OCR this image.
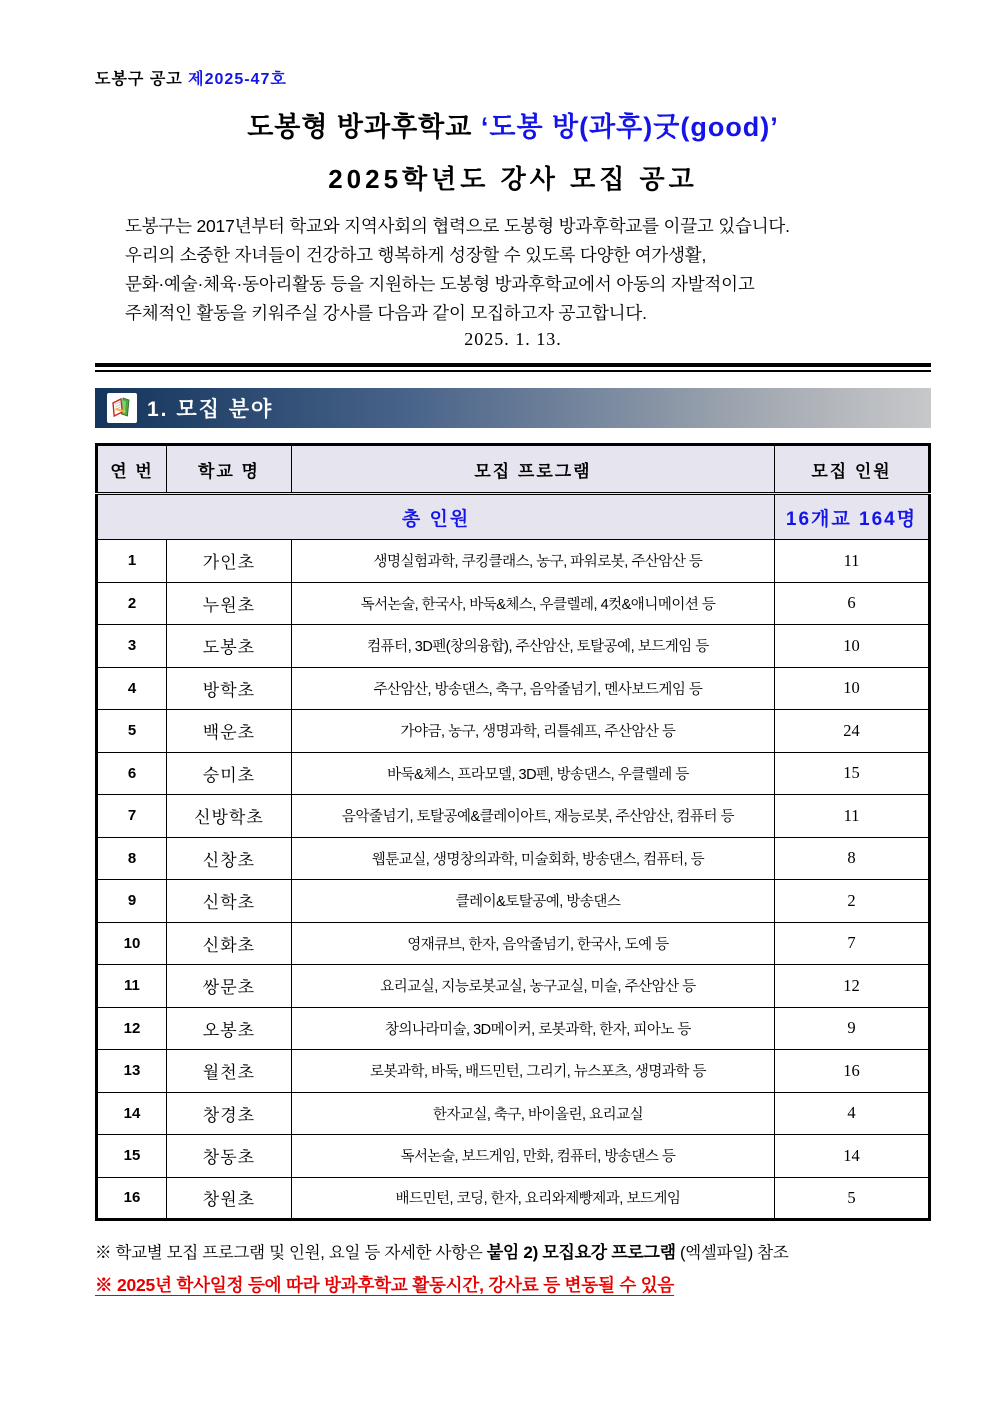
도봉구 공고 제2025-47호
도봉형 방과후학교 ‘도봉 방(과후)굿(good)’
2025학년도 강사 모집 공고
도봉구는 2017년부터 학교와 지역사회의 협력으로 도봉형 방과후학교를 이끌고 있습니다.
우리의 소중한 자녀들이 건강하고 행복하게 성장할 수 있도록 다양한 여가생활,
문화·예술·체육·동아리활동 등을 지원하는 도봉형 방과후학교에서 아동의 자발적이고
주체적인 활동을 키워주실 강사를 다음과 같이 모집하고자 공고합니다.
2025. 1. 13.
1. 모집 분야
연 번	학교 명	모집 프로그램	모집 인원
총 인원			16개교 164명
1	가인초	생명실험과학, 쿠킹클래스, 농구, 파워로봇, 주산암산 등	11
2	누원초	독서논술, 한국사, 바둑&체스, 우클렐레, 4컷&애니메이션 등	6
3	도봉초	컴퓨터, 3D펜(창의융합), 주산암산, 토탈공예, 보드게임 등	10
4	방학초	주산암산, 방송댄스, 축구, 음악줄넘기, 멘사보드게임 등	10
5	백운초	가야금, 농구, 생명과학, 리틀쉐프, 주산암산 등	24
6	숭미초	바둑&체스, 프라모델, 3D펜, 방송댄스, 우클렐레 등	15
7	신방학초	음악줄넘기, 토탈공예&클레이아트, 재능로봇, 주산암산, 컴퓨터 등	11
8	신창초	웹툰교실, 생명창의과학, 미술회화, 방송댄스, 컴퓨터, 등	8
9	신학초	클레이&토탈공예, 방송댄스	2
10	신화초	영재큐브, 한자, 음악줄넘기, 한국사, 도예 등	7
11	쌍문초	요리교실, 지능로봇교실, 농구교실, 미술, 주산암산 등	12
12	오봉초	창의나라미술, 3D메이커, 로봇과학, 한자, 피아노 등	9
13	월천초	로봇과학, 바둑, 배드민턴, 그리기, 뉴스포츠, 생명과학 등	16
14	창경초	한자교실, 축구, 바이올린, 요리교실	4
15	창동초	독서논술, 보드게임, 만화, 컴퓨터, 방송댄스 등	14
16	창원초	배드민턴, 코딩, 한자, 요리와제빵제과, 보드게임	5
※ 학교별 모집 프로그램 및 인원, 요일 등 자세한 사항은 붙임 2) 모집요강 프로그램 (엑셀파일) 참조
※ 2025년 학사일정 등에 따라 방과후학교 활동시간, 강사료 등 변동될 수 있음
